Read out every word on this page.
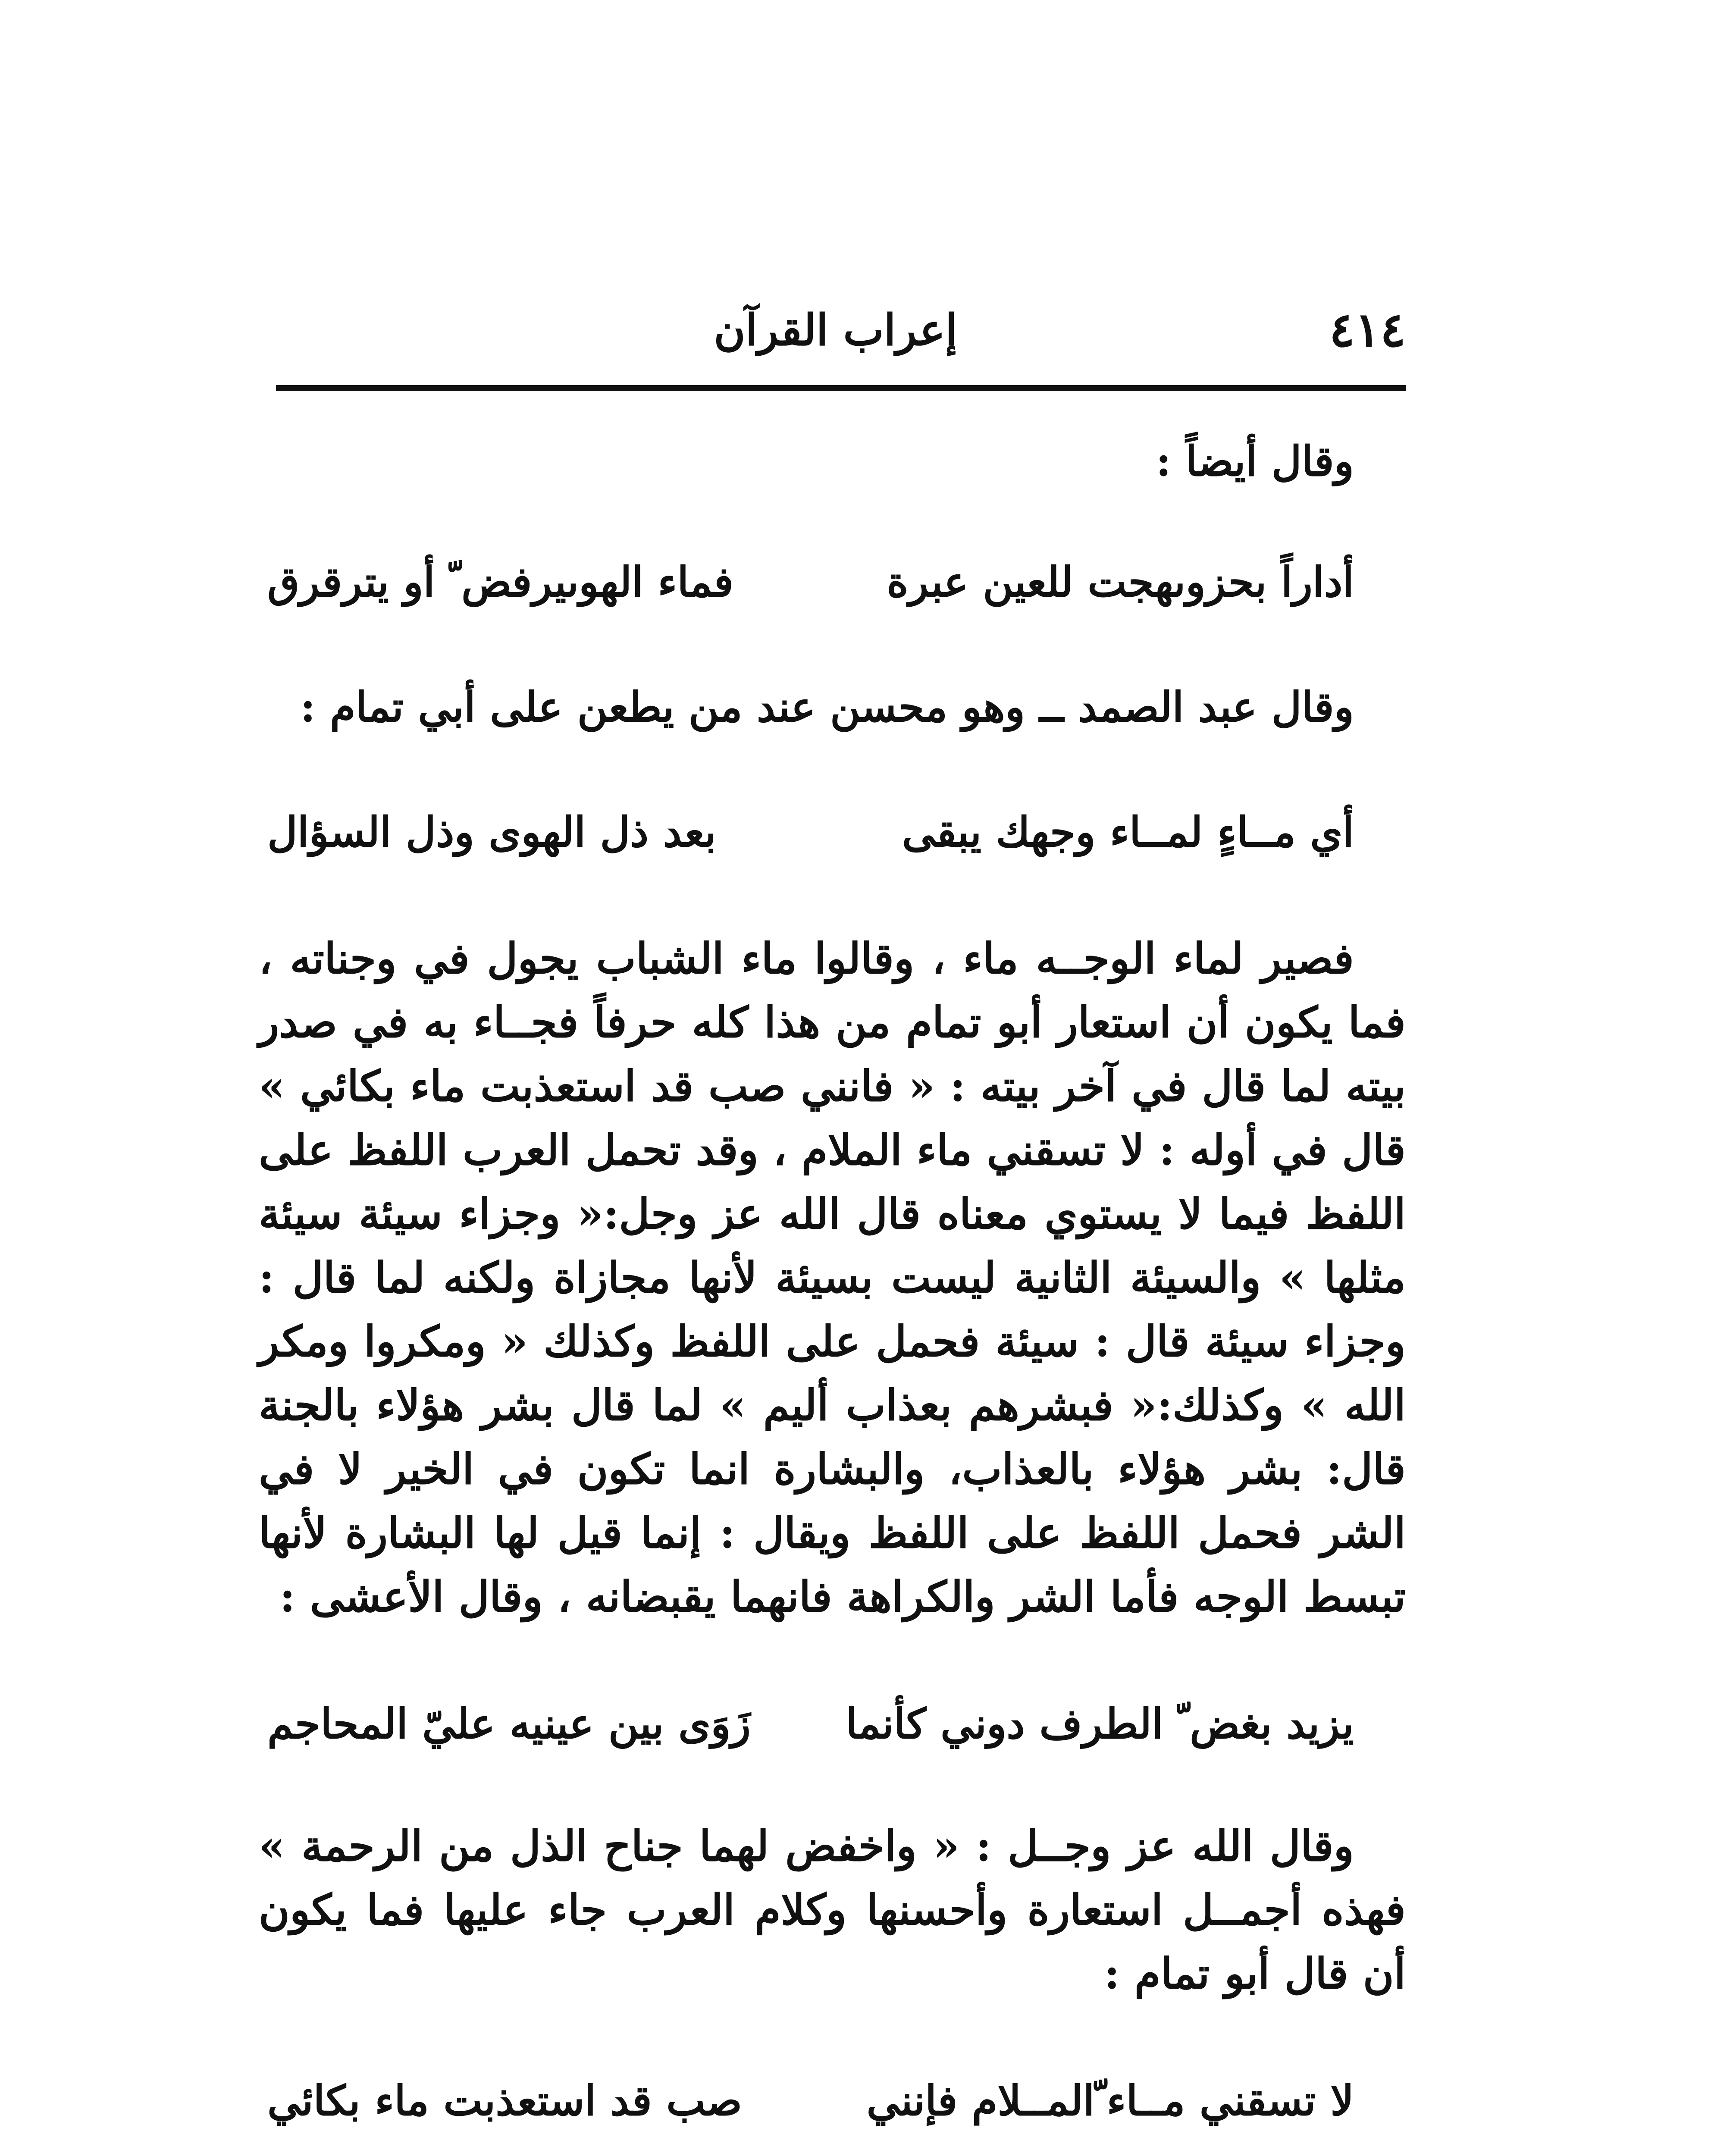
٤١٤
إعراب القرآن

وقال أيضاً :

أداراً بحزوىهجت للعين عبرة
فماء الهوىيرفض ّ أو يترقرق

وقال عبد الصمد ــ وهو محسن عند من يطعن على أبي تمام :

أي مــاءٍ لمــاء وجهك يبقى
بعد ذل الهوى وذل السؤال

فصير لماء الوجــه ماء ، وقالوا ماء الشباب يجول في وجناته ، فما يكون أن استعار أبو تمام من هذا كله حرفاً فجــاء به في صدر بيته لما قال في آخر بيته : « فانني صب قد استعذبت ماء بكائي » قال في أوله : لا تسقني ماء الملام ، وقد تحمل العرب اللفظ على اللفظ فيما لا يستوي معناه قال الله عز وجل:« وجزاء سيئة سيئة مثلها » والسيئة الثانية ليست بسيئة لأنها مجازاة ولكنه لما قال : وجزاء سيئة قال : سيئة فحمل على اللفظ وكذلك « ومكروا ومكر الله » وكذلك:« فبشرهم بعذاب أليم » لما قال بشر هؤلاء بالجنة قال: بشر هؤلاء بالعذاب، والبشارة انما تكون في الخير لا في الشر فحمل اللفظ على اللفظ ويقال : إنما قيل لها البشارة لأنها تبسط الوجه فأما الشر والكراهة فانهما يقبضانه ، وقال الأعشى :

يزيد بغض ّ الطرف دوني كأنما
زَوَى بين عينيه عليّ المحاجم

وقال الله عز وجــل : « واخفض لهما جناح الذل من الرحمة » فهذه أجمــل استعارة وأحسنها وكلام العرب جاء عليها فما يكون أن قال أبو تمام :

لا تسقني مــاء ّالمــلام فإنني
صب قد استعذبت ماء بكائي
